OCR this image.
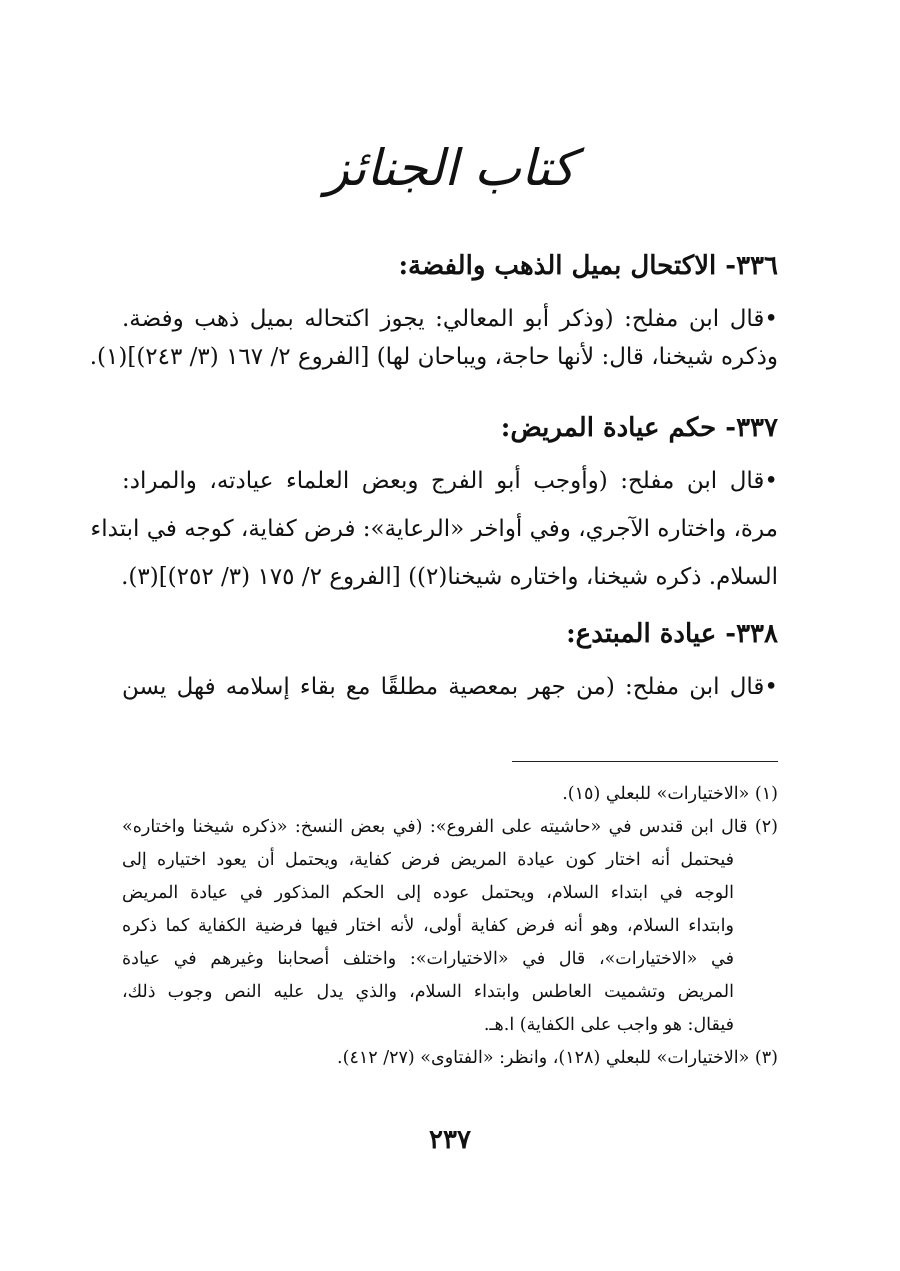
كتاب الجنائز
٣٣٦- الاكتحال بميل الذهب والفضة:
•قال ابن مفلح: (وذكر أبو المعالي: يجوز اكتحاله بميل ذهب وفضة.
وذكره شيخنا، قال: لأنها حاجة، ويباحان لها) [الفروع ٢/ ١٦٧ (٣/ ٢٤٣)](١).
٣٣٧- حكم عيادة المريض:
•قال ابن مفلح: (وأوجب أبو الفرج وبعض العلماء عيادته، والمراد:
مرة، واختاره الآجري، وفي أواخر «الرعاية»: فرض كفاية، كوجه في ابتداء
السلام. ذكره شيخنا، واختاره شيخنا(٢)) [الفروع ٢/ ١٧٥ (٣/ ٢٥٢)](٣).
٣٣٨- عيادة المبتدع:
•قال ابن مفلح: (من جهر بمعصية مطلقًا مع بقاء إسلامه فهل يسن
(١) «الاختيارات» للبعلي (١٥).
(٢) قال ابن قندس في «حاشيته على الفروع»: (في بعض النسخ: «ذكره شيخنا واختاره»
فيحتمل أنه اختار كون عيادة المريض فرض كفاية، ويحتمل أن يعود اختياره إلى
الوجه في ابتداء السلام، ويحتمل عوده إلى الحكم المذكور في عيادة المريض
وابتداء السلام، وهو أنه فرض كفاية أولى، لأنه اختار فيها فرضية الكفاية كما ذكره
في «الاختيارات»، قال في «الاختيارات»: واختلف أصحابنا وغيرهم في عيادة
المريض وتشميت العاطس وابتداء السلام، والذي يدل عليه النص وجوب ذلك،
فيقال: هو واجب على الكفاية) ا.هـ.
(٣) «الاختيارات» للبعلي (١٢٨)، وانظر: «الفتاوى» (٢٧/ ٤١٢).
٢٣٧
